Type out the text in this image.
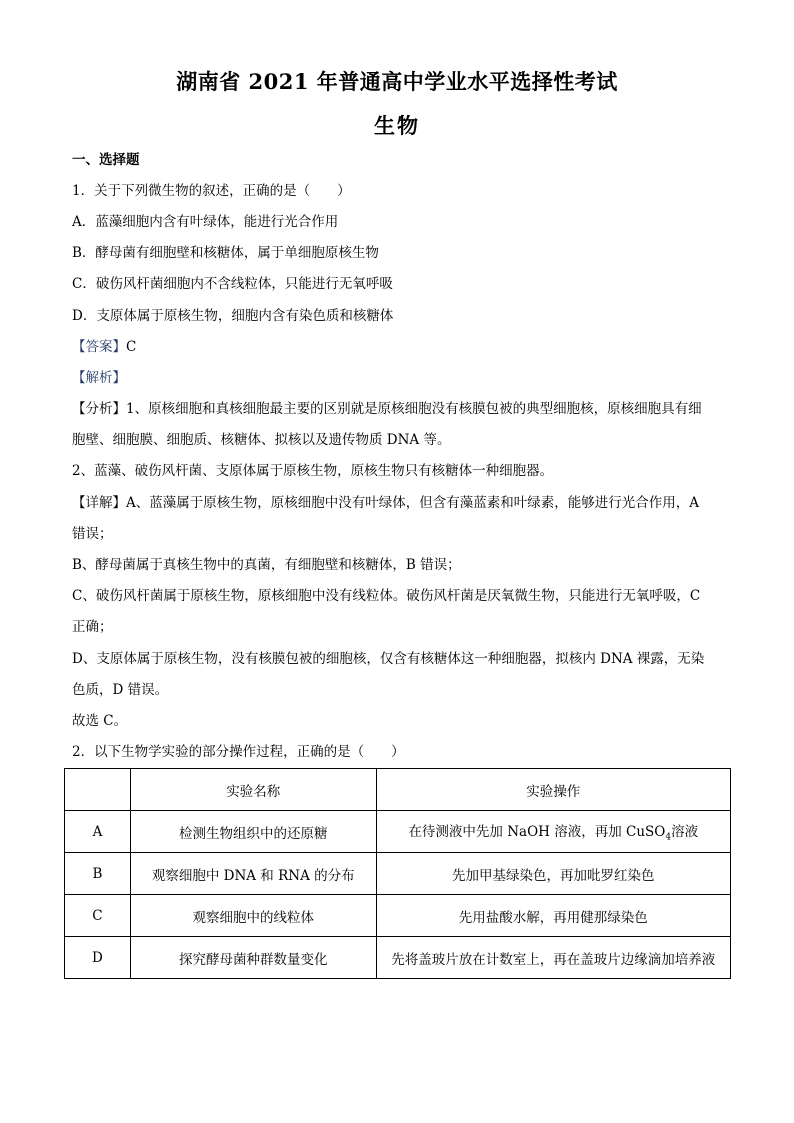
湖南省 2021 年普通高中学业水平选择性考试
生物
一、选择题
1．关于下列微生物的叙述，正确的是（　　）
A．蓝藻细胞内含有叶绿体，能进行光合作用
B．酵母菌有细胞壁和核糖体，属于单细胞原核生物
C．破伤风杆菌细胞内不含线粒体，只能进行无氧呼吸
D．支原体属于原核生物，细胞内含有染色质和核糖体
【答案】C
【解析】
【分析】1、原核细胞和真核细胞最主要的区别就是原核细胞没有核膜包被的典型细胞核，原核细胞具有细
胞壁、细胞膜、细胞质、核糖体、拟核以及遗传物质 DNA 等。
2、蓝藻、破伤风杆菌、支原体属于原核生物，原核生物只有核糖体一种细胞器。
【详解】A、蓝藻属于原核生物，原核细胞中没有叶绿体，但含有藻蓝素和叶绿素，能够进行光合作用，A
错误；
B、酵母菌属于真核生物中的真菌，有细胞壁和核糖体，B 错误；
C、破伤风杆菌属于原核生物，原核细胞中没有线粒体。破伤风杆菌是厌氧微生物，只能进行无氧呼吸，C
正确；
D、支原体属于原核生物，没有核膜包被的细胞核，仅含有核糖体这一种细胞器，拟核内 DNA 裸露，无染
色质，D 错误。
故选 C。
2．以下生物学实验的部分操作过程，正确的是（　　）
	实验名称	实验操作
A	检测生物组织中的还原糖	在待测液中先加 NaOH 溶液，再加 CuSO$_4$溶液
B	观察细胞中 DNA 和 RNA 的分布	先加甲基绿染色，再加吡罗红染色
C	观察细胞中的线粒体	先用盐酸水解，再用健那绿染色
D	探究酵母菌种群数量变化	先将盖玻片放在计数室上，再在盖玻片边缘滴加培养液
